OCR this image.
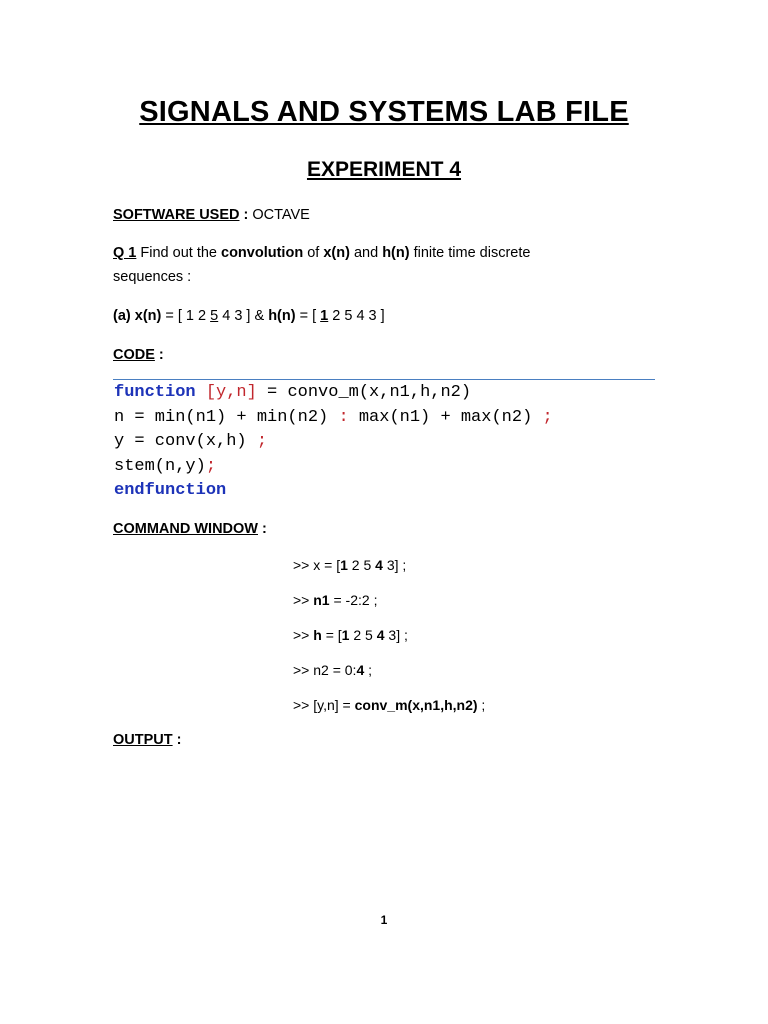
SIGNALS AND SYSTEMS LAB FILE
EXPERIMENT 4
SOFTWARE USED : OCTAVE
Q 1 Find out the convolution of x(n) and h(n) finite time discrete
sequences :
(a) x(n) = [ 1 2 5 4 3 ] & h(n) = [ 1 2 5 4 3 ]
CODE :
function [y,n] = convo_m(x,n1,h,n2)
n = min(n1) + min(n2) : max(n1) + max(n2) ;
y = conv(x,h) ;
stem(n,y);
endfunction
COMMAND WINDOW :
>> x = [1 2 5 4 3] ;
>> n1 = -2:2 ;
>> h = [1 2 5 4 3] ;
>> n2 = 0:4 ;
>> [y,n] = conv_m(x,n1,h,n2) ;
OUTPUT :
1
